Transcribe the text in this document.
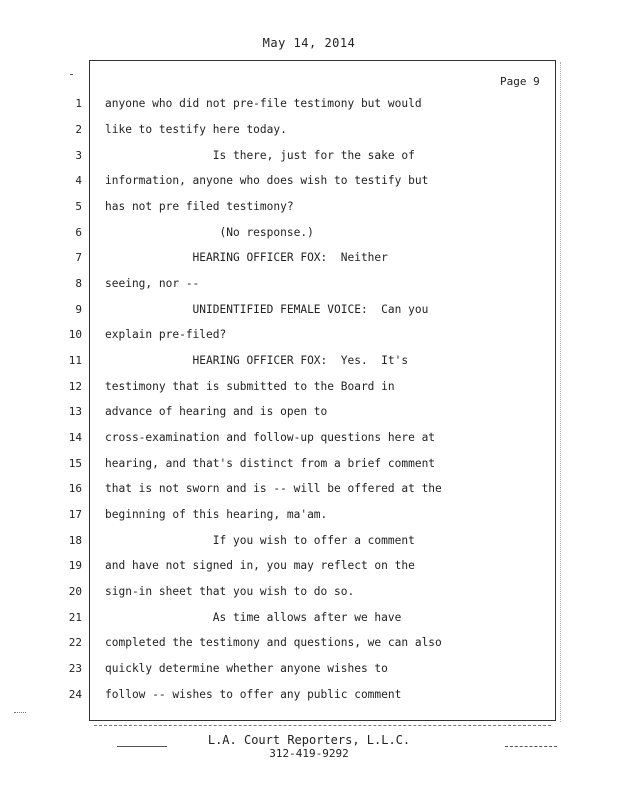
May 14, 2014
Page 9
1 anyone who did not pre-file testimony but would
2 like to testify here today.
3 Is there, just for the sake of
4 information, anyone who does wish to testify but
5 has not pre filed testimony?
6 (No response.)
7 HEARING OFFICER FOX:  Neither
8 seeing, nor --
9 UNIDENTIFIED FEMALE VOICE:  Can you
10 explain pre-filed?
11 HEARING OFFICER FOX:  Yes.  It's
12 testimony that is submitted to the Board in
13 advance of hearing and is open to
14 cross-examination and follow-up questions here at
15 hearing, and that's distinct from a brief comment
16 that is not sworn and is -- will be offered at the
17 beginning of this hearing, ma'am.
18 If you wish to offer a comment
19 and have not signed in, you may reflect on the
20 sign-in sheet that you wish to do so.
21 As time allows after we have
22 completed the testimony and questions, we can also
23 quickly determine whether anyone wishes to
24 follow -- wishes to offer any public comment
L.A. Court Reporters, L.L.C.
312-419-9292
